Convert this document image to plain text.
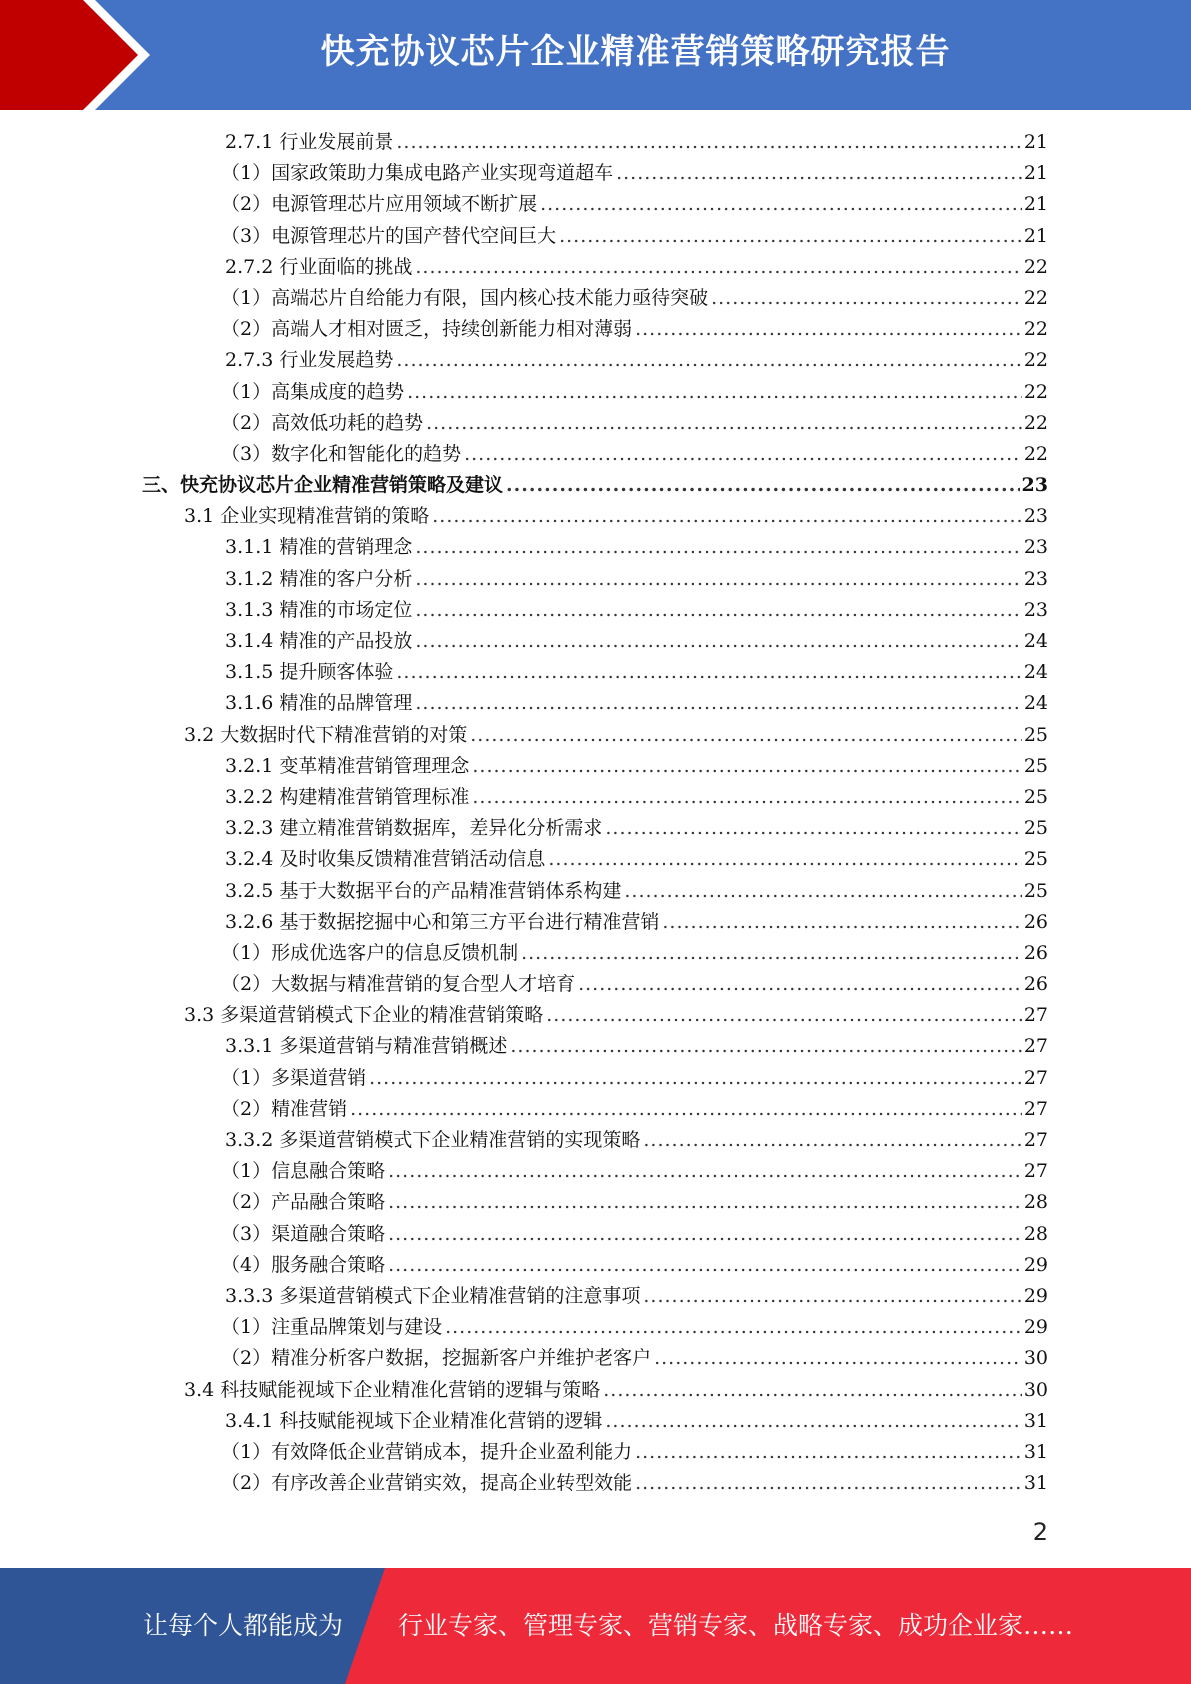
快充协议芯片企业精准营销策略研究报告
2.7.1 行业发展前景 .....	21
（1）国家政策助力集成电路产业实现弯道超车 .....	21
（2）电源管理芯片应用领域不断扩展 .....	21
（3）电源管理芯片的国产替代空间巨大 .....	21
2.7.2 行业面临的挑战 .....	22
（1）高端芯片自给能力有限，国内核心技术能力亟待突破 .....	22
（2）高端人才相对匮乏，持续创新能力相对薄弱 .....	22
2.7.3 行业发展趋势 .....	22
（1）高集成度的趋势 .....	22
（2）高效低功耗的趋势 .....	22
（3）数字化和智能化的趋势 .....	22
三、快充协议芯片企业精准营销策略及建议 .....	23
3.1 企业实现精准营销的策略 .....	23
3.1.1 精准的营销理念 .....	23
3.1.2 精准的客户分析 .....	23
3.1.3 精准的市场定位 .....	23
3.1.4 精准的产品投放 .....	24
3.1.5 提升顾客体验 .....	24
3.1.6 精准的品牌管理 .....	24
3.2 大数据时代下精准营销的对策 .....	25
3.2.1 变革精准营销管理理念 .....	25
3.2.2 构建精准营销管理标准 .....	25
3.2.3 建立精准营销数据库，差异化分析需求 .....	25
3.2.4 及时收集反馈精准营销活动信息 .....	25
3.2.5 基于大数据平台的产品精准营销体系构建 .....	25
3.2.6 基于数据挖掘中心和第三方平台进行精准营销 .....	26
（1）形成优选客户的信息反馈机制 .....	26
（2）大数据与精准营销的复合型人才培育 .....	26
3.3 多渠道营销模式下企业的精准营销策略 .....	27
3.3.1 多渠道营销与精准营销概述 .....	27
（1）多渠道营销 .....	27
（2）精准营销 .....	27
3.3.2 多渠道营销模式下企业精准营销的实现策略 .....	27
（1）信息融合策略 .....	27
（2）产品融合策略 .....	28
（3）渠道融合策略 .....	28
（4）服务融合策略 .....	29
3.3.3 多渠道营销模式下企业精准营销的注意事项 .....	29
（1）注重品牌策划与建设 .....	29
（2）精准分析客户数据，挖掘新客户并维护老客户 .....	30
3.4 科技赋能视域下企业精准化营销的逻辑与策略 .....	30
3.4.1 科技赋能视域下企业精准化营销的逻辑 .....	31
（1）有效降低企业营销成本，提升企业盈利能力 .....	31
（2）有序改善企业营销实效，提高企业转型效能 .....	31
2
让每个人都能成为 行业专家、管理专家、营销专家、战略专家、成功企业家……
